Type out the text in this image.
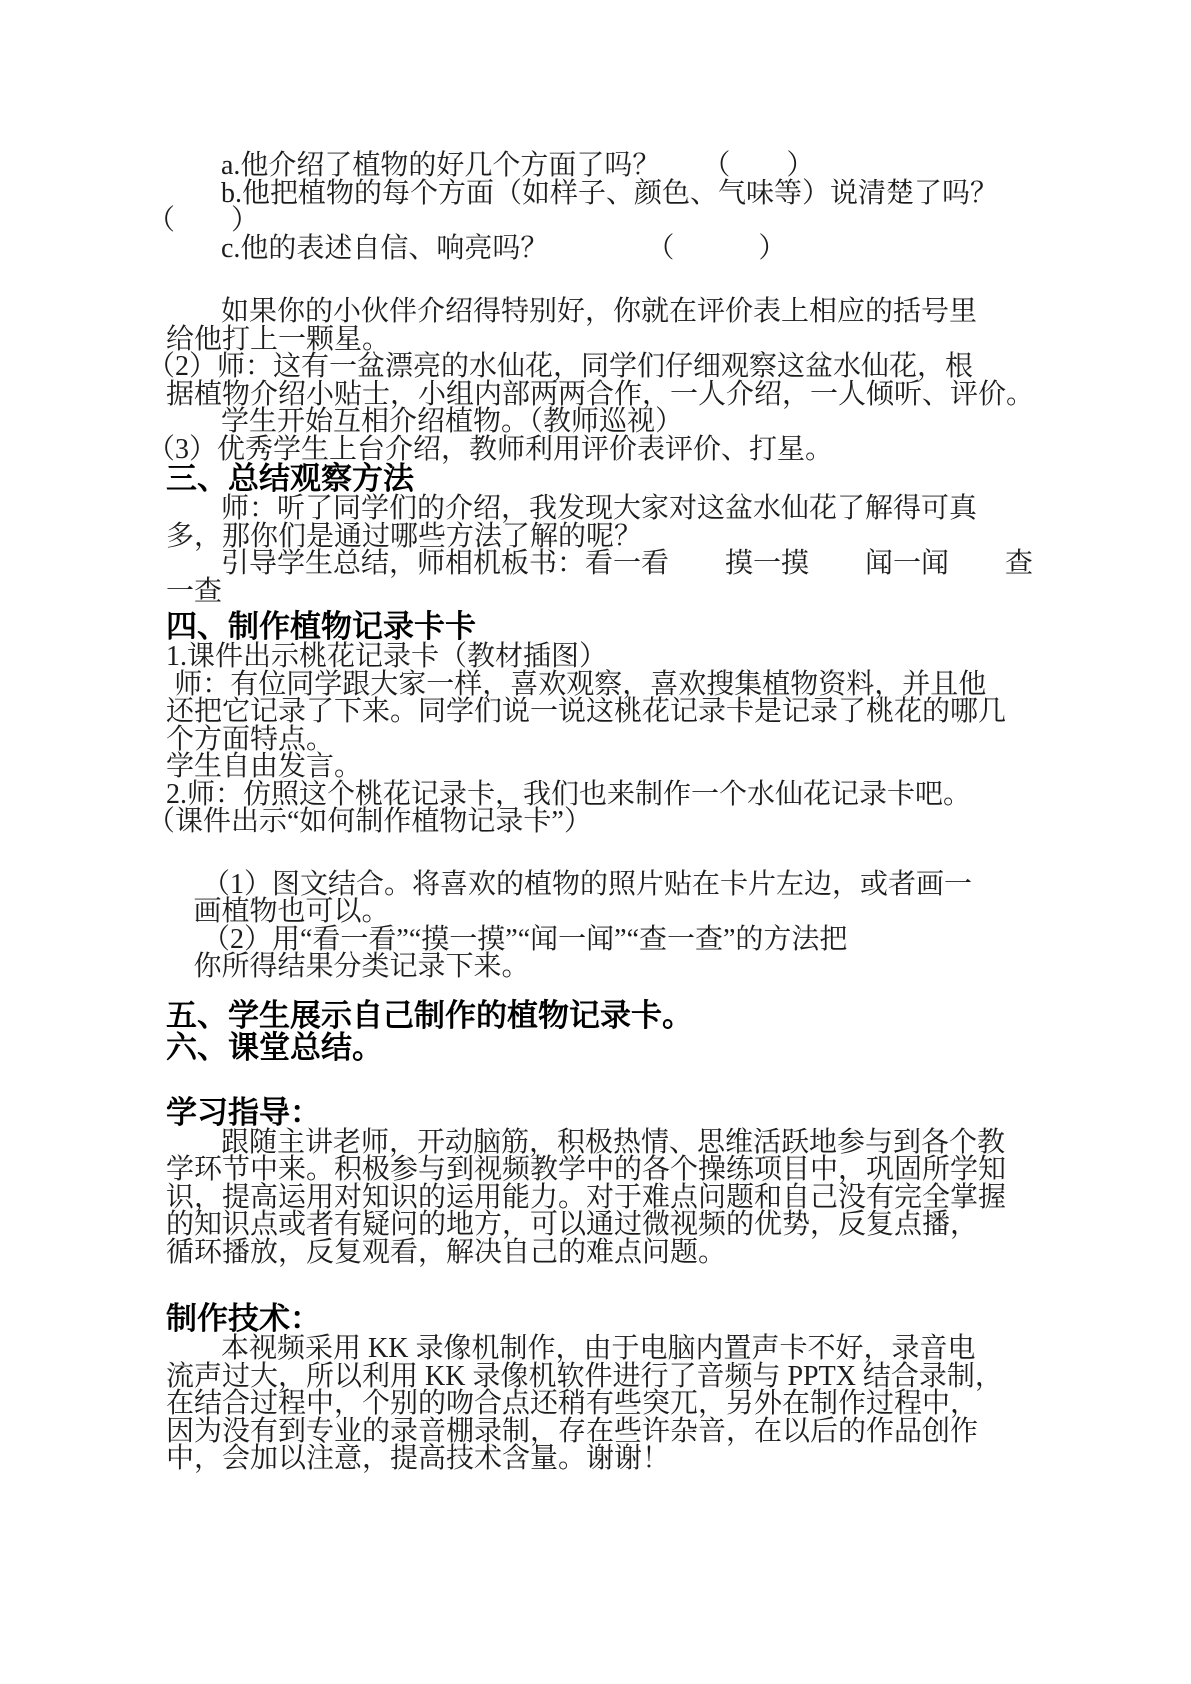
a.他介绍了植物的好几个方面了吗？　　（　　）
b.他把植物的每个方面（如样子、颜色、气味等）说清楚了吗？
（　　）
c.他的表述自信、响亮吗？　　　　（　　　）
如果你的小伙伴介绍得特别好，你就在评价表上相应的括号里
给他打上一颗星。
（2）师：这有一盆漂亮的水仙花，同学们仔细观察这盆水仙花，根
据植物介绍小贴士，小组内部两两合作，一人介绍，一人倾听、评价。
学生开始互相介绍植物。（教师巡视）
（3）优秀学生上台介绍，教师利用评价表评价、打星。
三、总结观察方法
师：听了同学们的介绍，我发现大家对这盆水仙花了解得可真
多，那你们是通过哪些方法了解的呢？
引导学生总结，师相机板书：看一看　　摸一摸　　闻一闻　　查
一查
四、制作植物记录卡卡
1.课件出示桃花记录卡（教材插图）
师：有位同学跟大家一样，喜欢观察，喜欢搜集植物资料，并且他
还把它记录了下来。同学们说一说这桃花记录卡是记录了桃花的哪几
个方面特点。
学生自由发言。
2.师：仿照这个桃花记录卡，我们也来制作一个水仙花记录卡吧。
（课件出示“如何制作植物记录卡”）
（1）图文结合。将喜欢的植物的照片贴在卡片左边，或者画一
画植物也可以。
（2）用“看一看”“摸一摸”“闻一闻”“查一查”的方法把
你所得结果分类记录下来。
五、学生展示自己制作的植物记录卡。
六、课堂总结。
学习指导：
跟随主讲老师，开动脑筋，积极热情、思维活跃地参与到各个教
学环节中来。积极参与到视频教学中的各个操练项目中，巩固所学知
识，提高运用对知识的运用能力。对于难点问题和自己没有完全掌握
的知识点或者有疑问的地方，可以通过微视频的优势，反复点播，
循环播放，反复观看，解决自己的难点问题。
制作技术：
本视频采用 KK 录像机制作，由于电脑内置声卡不好，录音电
流声过大，所以利用 KK 录像机软件进行了音频与 PPTX 结合录制，
在结合过程中，个别的吻合点还稍有些突兀，另外在制作过程中，
因为没有到专业的录音棚录制，存在些许杂音，在以后的作品创作
中，会加以注意，提高技术含量。谢谢！
